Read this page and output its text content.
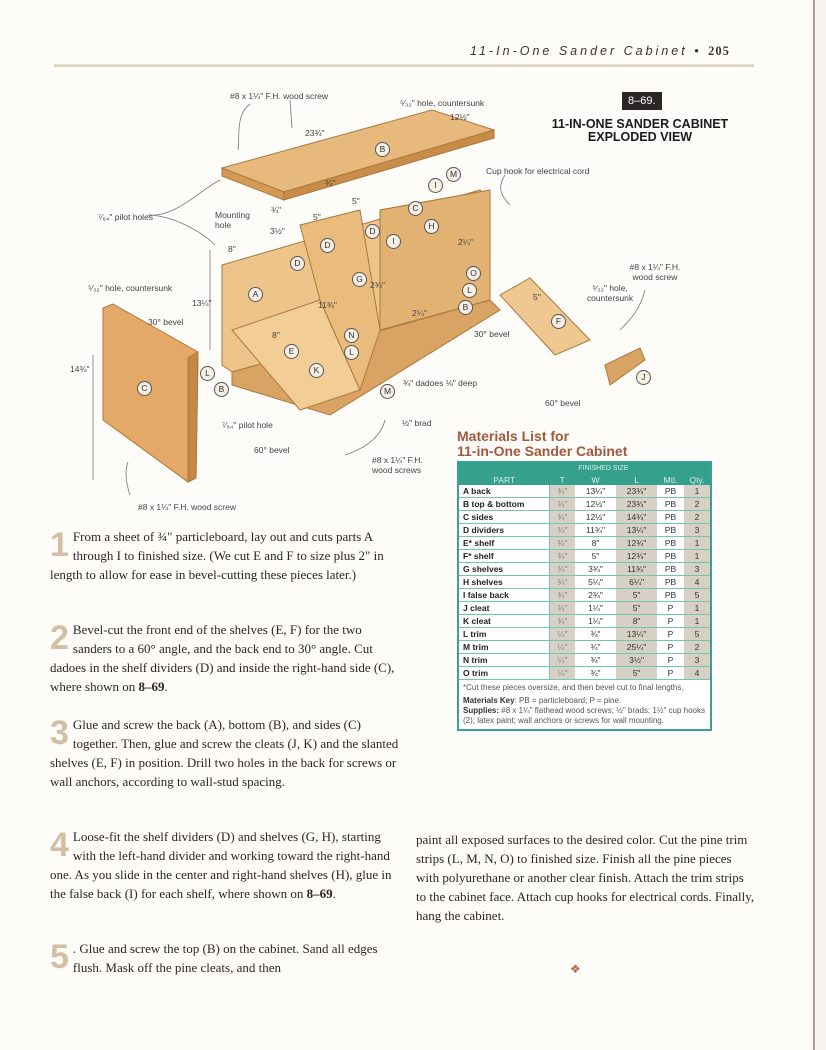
11-In-One Sander Cabinet • 205
8–69.
11-IN-ONE SANDER CABINET
EXPLODED VIEW
#8 x 1¼" F.H. wood screw
⁵⁄₃₂" hole, countersunk
12½"
23¾"
¾"
5"
5"
Cup hook for electrical cord
⁷⁄₆₄" pilot holes	Mounting hole
¾"
3½"
8"
2¼"
2¾"
2¼"
⁵⁄₃₂" hole, countersunk
13¼"
30° bevel
11¾"
8"
14¾"
¾" dadoes ⅛" deep
½" brad
⁷⁄₆₄" pilot hole
60° bevel
#8 x 1¼" F.H. wood screws
#8 x 1¼" F.H. wood screw
#8 x 1¼" F.H. wood screw
⁵⁄₃₂" hole, countersunk
5"
30° bevel
60° bevel
B
M
I
C
H
D
I
D
D
G
O
L
B
A
N
L
E
K
F
J
L
B
C	M
Materials List for
11-in-One Sander Cabinet
	FINISHED SIZE				
PART	T	W	L	Mtl.	Qty.
A back	¾"	13¼"	23¾"	PB	1
B top & bottom	¾"	12½"	23¾"	PB	2
C sides	¾"	12½"	14¾"	PB	2
D dividers	¾"	11¾"	13¼"	PB	3
E* shelf	¾"	8"	12¾"	PB	1
F* shelf	¾"	5"	12¾"	PB	1
G shelves	¾"	3¾"	11¾"	PB	3
H shelves	¾"	5¼"	6¼"	PB	4
I false back	¾"	2¾"	5"	PB	5
J cleat	¾"	1¼"	5"	P	1
K cleat	¾"	1¼"	8"	P	1
L trim	¼"	¾"	13¼"	P	5
M trim	¼"	¾"	25¼"	P	2
N trim	¼"	¾"	3½"	P	3
O trim	¼"	¾"	5"	P	4
*Cut these pieces oversize, and then bevel cut to final lengths.
Materials Key: PB = particleboard; P = pine.
Supplies: #8 x 1¼" flathead wood screws; ½" brads; 1½" cup hooks (2); latex paint; wall anchors or screws for wall mounting.
1 From a sheet of ¾" particleboard, lay out and cuts parts A through I to finished size. (We cut E and F to size plus 2" in length to allow for ease in bevel-cutting these pieces later.)
2 Bevel-cut the front end of the shelves (E, F) for the two sanders to a 60° angle, and the back end to 30° angle. Cut dadoes in the shelf dividers (D) and inside the right-hand side (C), where shown on 8–69.
3 Glue and screw the back (A), bottom (B), and sides (C) together. Then, glue and screw the cleats (J, K) and the slanted shelves (E, F) in position. Drill two holes in the back for screws or wall anchors, according to wall-stud spacing.
4 Loose-fit the shelf dividers (D) and shelves (G, H), starting with the left-hand divider and working toward the right-hand one. As you slide in the center and right-hand shelves (H), glue in the false back (I) for each shelf, where shown on 8–69.
5 . Glue and screw the top (B) on the cabinet. Sand all edges flush. Mask off the pine cleats, and then
paint all exposed surfaces to the desired color. Cut the pine trim strips (L, M, N, O) to finished size. Finish all the pine pieces with polyurethane or another clear finish. Attach the trim strips to the cabinet face. Attach cup hooks for electrical cords. Finally, hang the cabinet.
❖
